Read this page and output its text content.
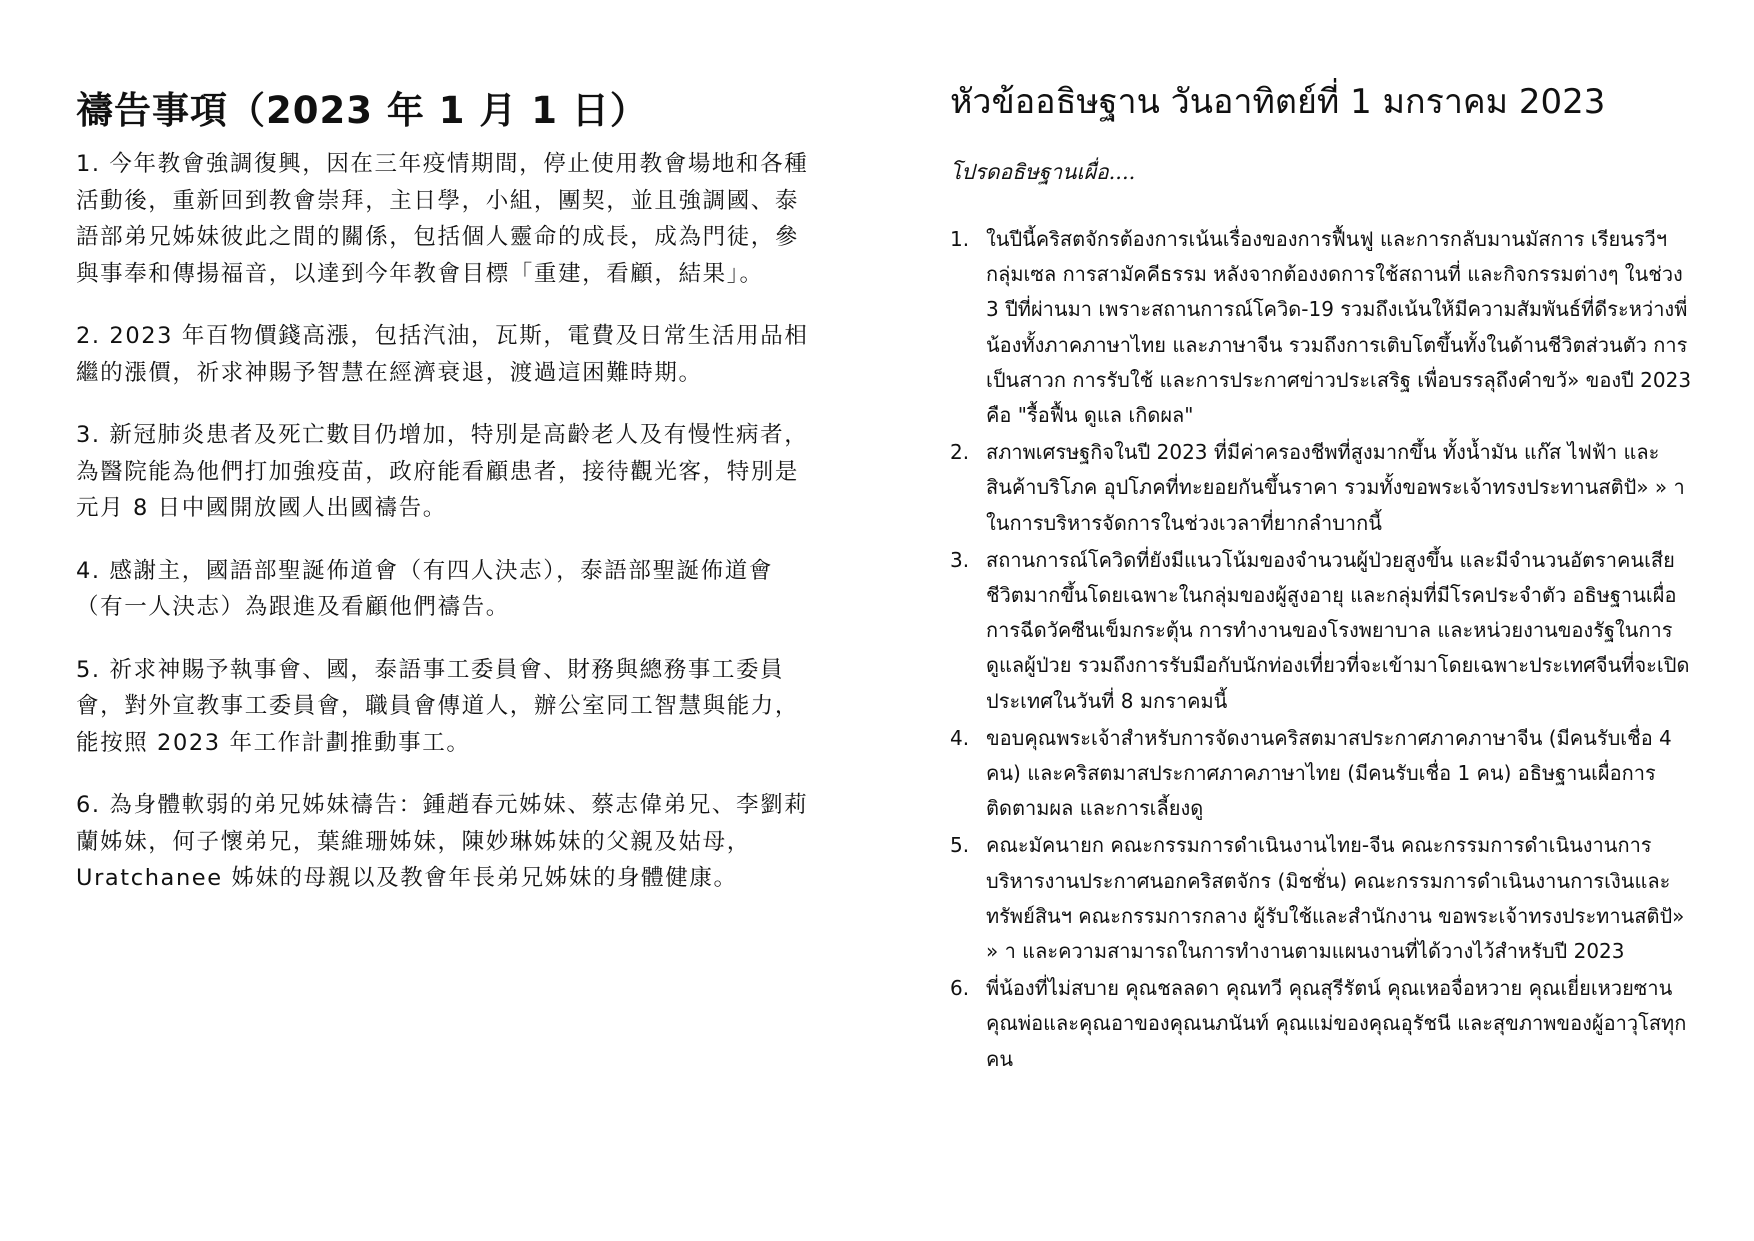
禱告事項（2023 年 1 月 1 日）
1. 今年教會強調復興，因在三年疫情期間，停止使用教會場地和各種活動後，重新回到教會崇拜，主日學，小組，團契，並且強調國、泰語部弟兄姊妹彼此之間的關係，包括個人靈命的成長，成為門徒，參與事奉和傳揚福音，以達到今年教會目標「重建，看顧，結果」。
2. 2023 年百物價錢高漲，包括汽油，瓦斯，電費及日常生活用品相繼的漲價，祈求神賜予智慧在經濟衰退，渡過這困難時期。
3. 新冠肺炎患者及死亡數目仍增加，特別是高齡老人及有慢性病者，為醫院能為他們打加強疫苗，政府能看顧患者，接待觀光客，特別是元月 8 日中國開放國人出國禱告。
4. 感謝主，國語部聖誕佈道會（有四人決志），泰語部聖誕佈道會（有一人決志）為跟進及看顧他們禱告。
5. 祈求神賜予執事會、國，泰語事工委員會、財務與總務事工委員會，對外宣教事工委員會，職員會傳道人，辦公室同工智慧與能力，能按照 2023 年工作計劃推動事工。
6. 為身體軟弱的弟兄姊妹禱告：鍾趙春元姊妹、蔡志偉弟兄、李劉莉蘭姊妹，何子懷弟兄，葉維珊姊妹，陳妙琳姊妹的父親及姑母，Uratchanee 姊妹的母親以及教會年長弟兄姊妹的身體健康。
หัวข้ออธิษฐาน วันอาทิตย์ที่ 1 มกราคม 2023

โปรดอธิษฐานเผื่อ....

1. ในปีนี้คริสตจักรต้องการเน้นเรื่องของการฟื้นฟู และการกลับมานมัสการ เรียนรวีฯ กลุ่มเซล การสามัคคีธรรม หลังจากต้องงดการใช้สถานที่ และกิจกรรมต่างๆ ในช่วง 3 ปีที่ผ่านมา เพราะสถานการณ์โควิด-19 รวมถึงเน้นให้มีความสัมพันธ์ที่ดีระหว่างพี่น้องทั้งภาคภาษาไทย และภาษาจีน รวมถึงการเติบโตขึ้นทั้งในด้านชีวิตส่วนตัว การเป็นสาวก การรับใช้ และการประกาศข่าวประเสริฐ เพื่อบรรลุถึงคำขวั» ของปี 2023 คือ "รื้อฟื้น ดูแล เกิดผล"
2. สภาพเศรษฐกิจในปี 2023 ที่มีค่าครองชีพที่สูงมากขึ้น ทั้งน้ำมัน แก๊ส ไฟฟ้า และสินค้าบริโภค อุปโภคที่ทะยอยกันขึ้นราคา รวมทั้งขอพระเจ้าทรงประทานสติปั» » าในการบริหารจัดการในช่วงเวลาที่ยากลำบากนี้
3. สถานการณ์โควิดที่ยังมีแนวโน้มของจำนวนผู้ป่วยสูงขึ้น และมีจำนวนอัตราคนเสียชีวิตมากขึ้นโดยเฉพาะในกลุ่มของผู้สูงอายุ และกลุ่มที่มีโรคประจำตัว อธิษฐานเผื่อการฉีดวัคซีนเข็มกระตุ้น การทำงานของโรงพยาบาล และหน่วยงานของรัฐในการดูแลผู้ป่วย รวมถึงการรับมือกับนักท่องเที่ยวที่จะเข้ามาโดยเฉพาะประเทศจีนที่จะเปิดประเทศในวันที่ 8 มกราคมนี้
4. ขอบคุณพระเจ้าสำหรับการจัดงานคริสตมาสประกาศภาคภาษาจีน (มีคนรับเชื่อ 4 คน) และคริสตมาสประกาศภาคภาษาไทย (มีคนรับเชื่อ 1 คน) อธิษฐานเผื่อการติดตามผล และการเลี้ยงดู
5. คณะมัคนายก คณะกรรมการดำเนินงานไทย-จีน คณะกรรมการดำเนินงานการบริหารงานประกาศนอกคริสตจักร (มิชชั่น) คณะกรรมการดำเนินงานการเงินและทรัพย์สินฯ คณะกรรมการกลาง ผู้รับใช้และสำนักงาน ขอพระเจ้าทรงประทานสติปั» » า และความสามารถในการทำงานตามแผนงานที่ได้วางไว้สำหรับปี 2023
6. พี่น้องที่ไม่สบาย คุณชลลดา คุณทวี คุณสุรีรัตน์ คุณเหอจื่อหวาย คุณเยี่ยเหวยซาน คุณพ่อและคุณอาของคุณนภนันท์ คุณแม่ของคุณอุรัชนี และสุขภาพของผู้อาวุโสทุกคน
